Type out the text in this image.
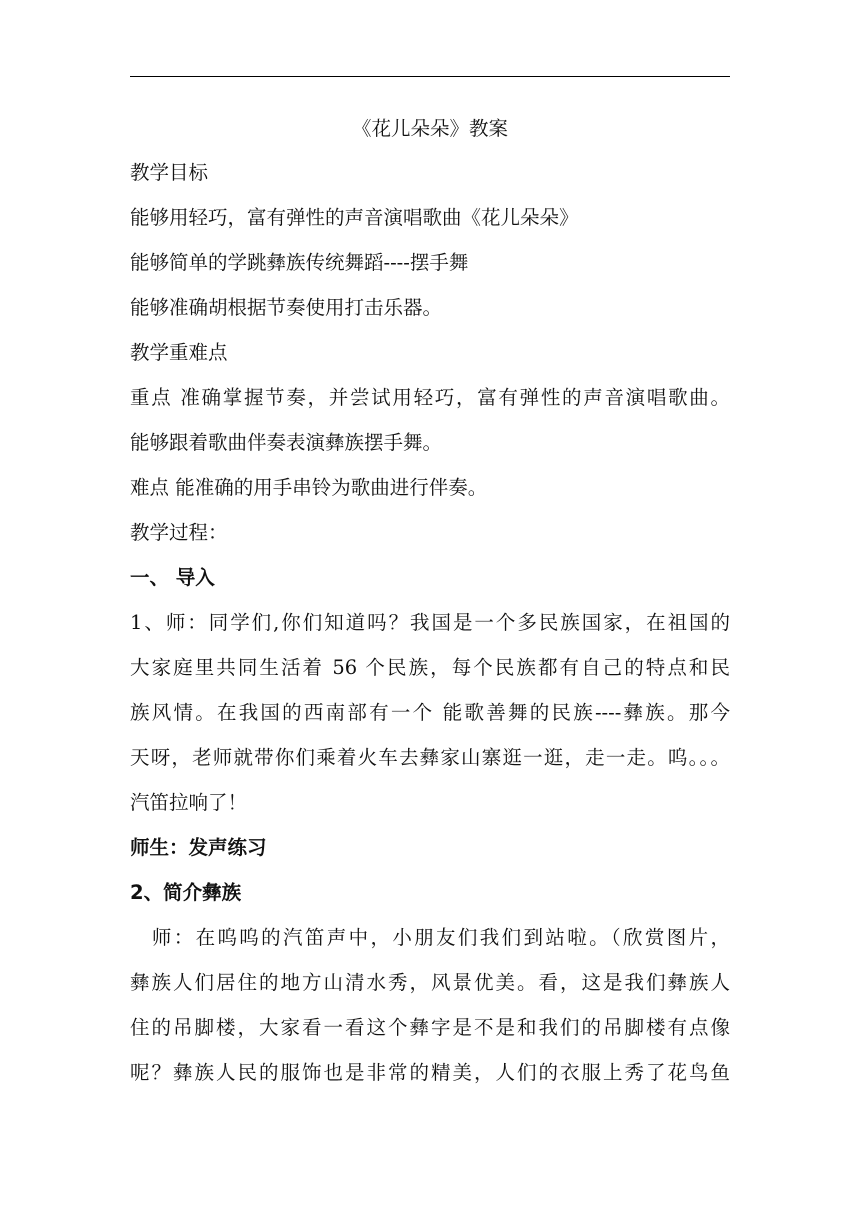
《花儿朵朵》教案
教学目标
能够用轻巧，富有弹性的声音演唱歌曲《花儿朵朵》
能够简单的学跳彝族传统舞蹈----摆手舞
能够准确胡根据节奏使用打击乐器。
教学重难点
重点 准确掌握节奏，并尝试用轻巧，富有弹性的声音演唱歌曲。
能够跟着歌曲伴奏表演彝族摆手舞。
难点 能准确的用手串铃为歌曲进行伴奏。
教学过程：
一、 导入
1、师：同学们,你们知道吗？我国是一个多民族国家，在祖国的
大家庭里共同生活着 56 个民族，每个民族都有自己的特点和民
族风情。在我国的西南部有一个 能歌善舞的民族----彝族。那今
天呀，老师就带你们乘着火车去彝家山寨逛一逛，走一走。呜。。。
汽笛拉响了！
师生：发声练习
2、简介彝族
　师：在呜呜的汽笛声中，小朋友们我们到站啦。（欣赏图片，
彝族人们居住的地方山清水秀，风景优美。看，这是我们彝族人
住的吊脚楼，大家看一看这个彝字是不是和我们的吊脚楼有点像
呢？彝族人民的服饰也是非常的精美，人们的衣服上秀了花鸟鱼
